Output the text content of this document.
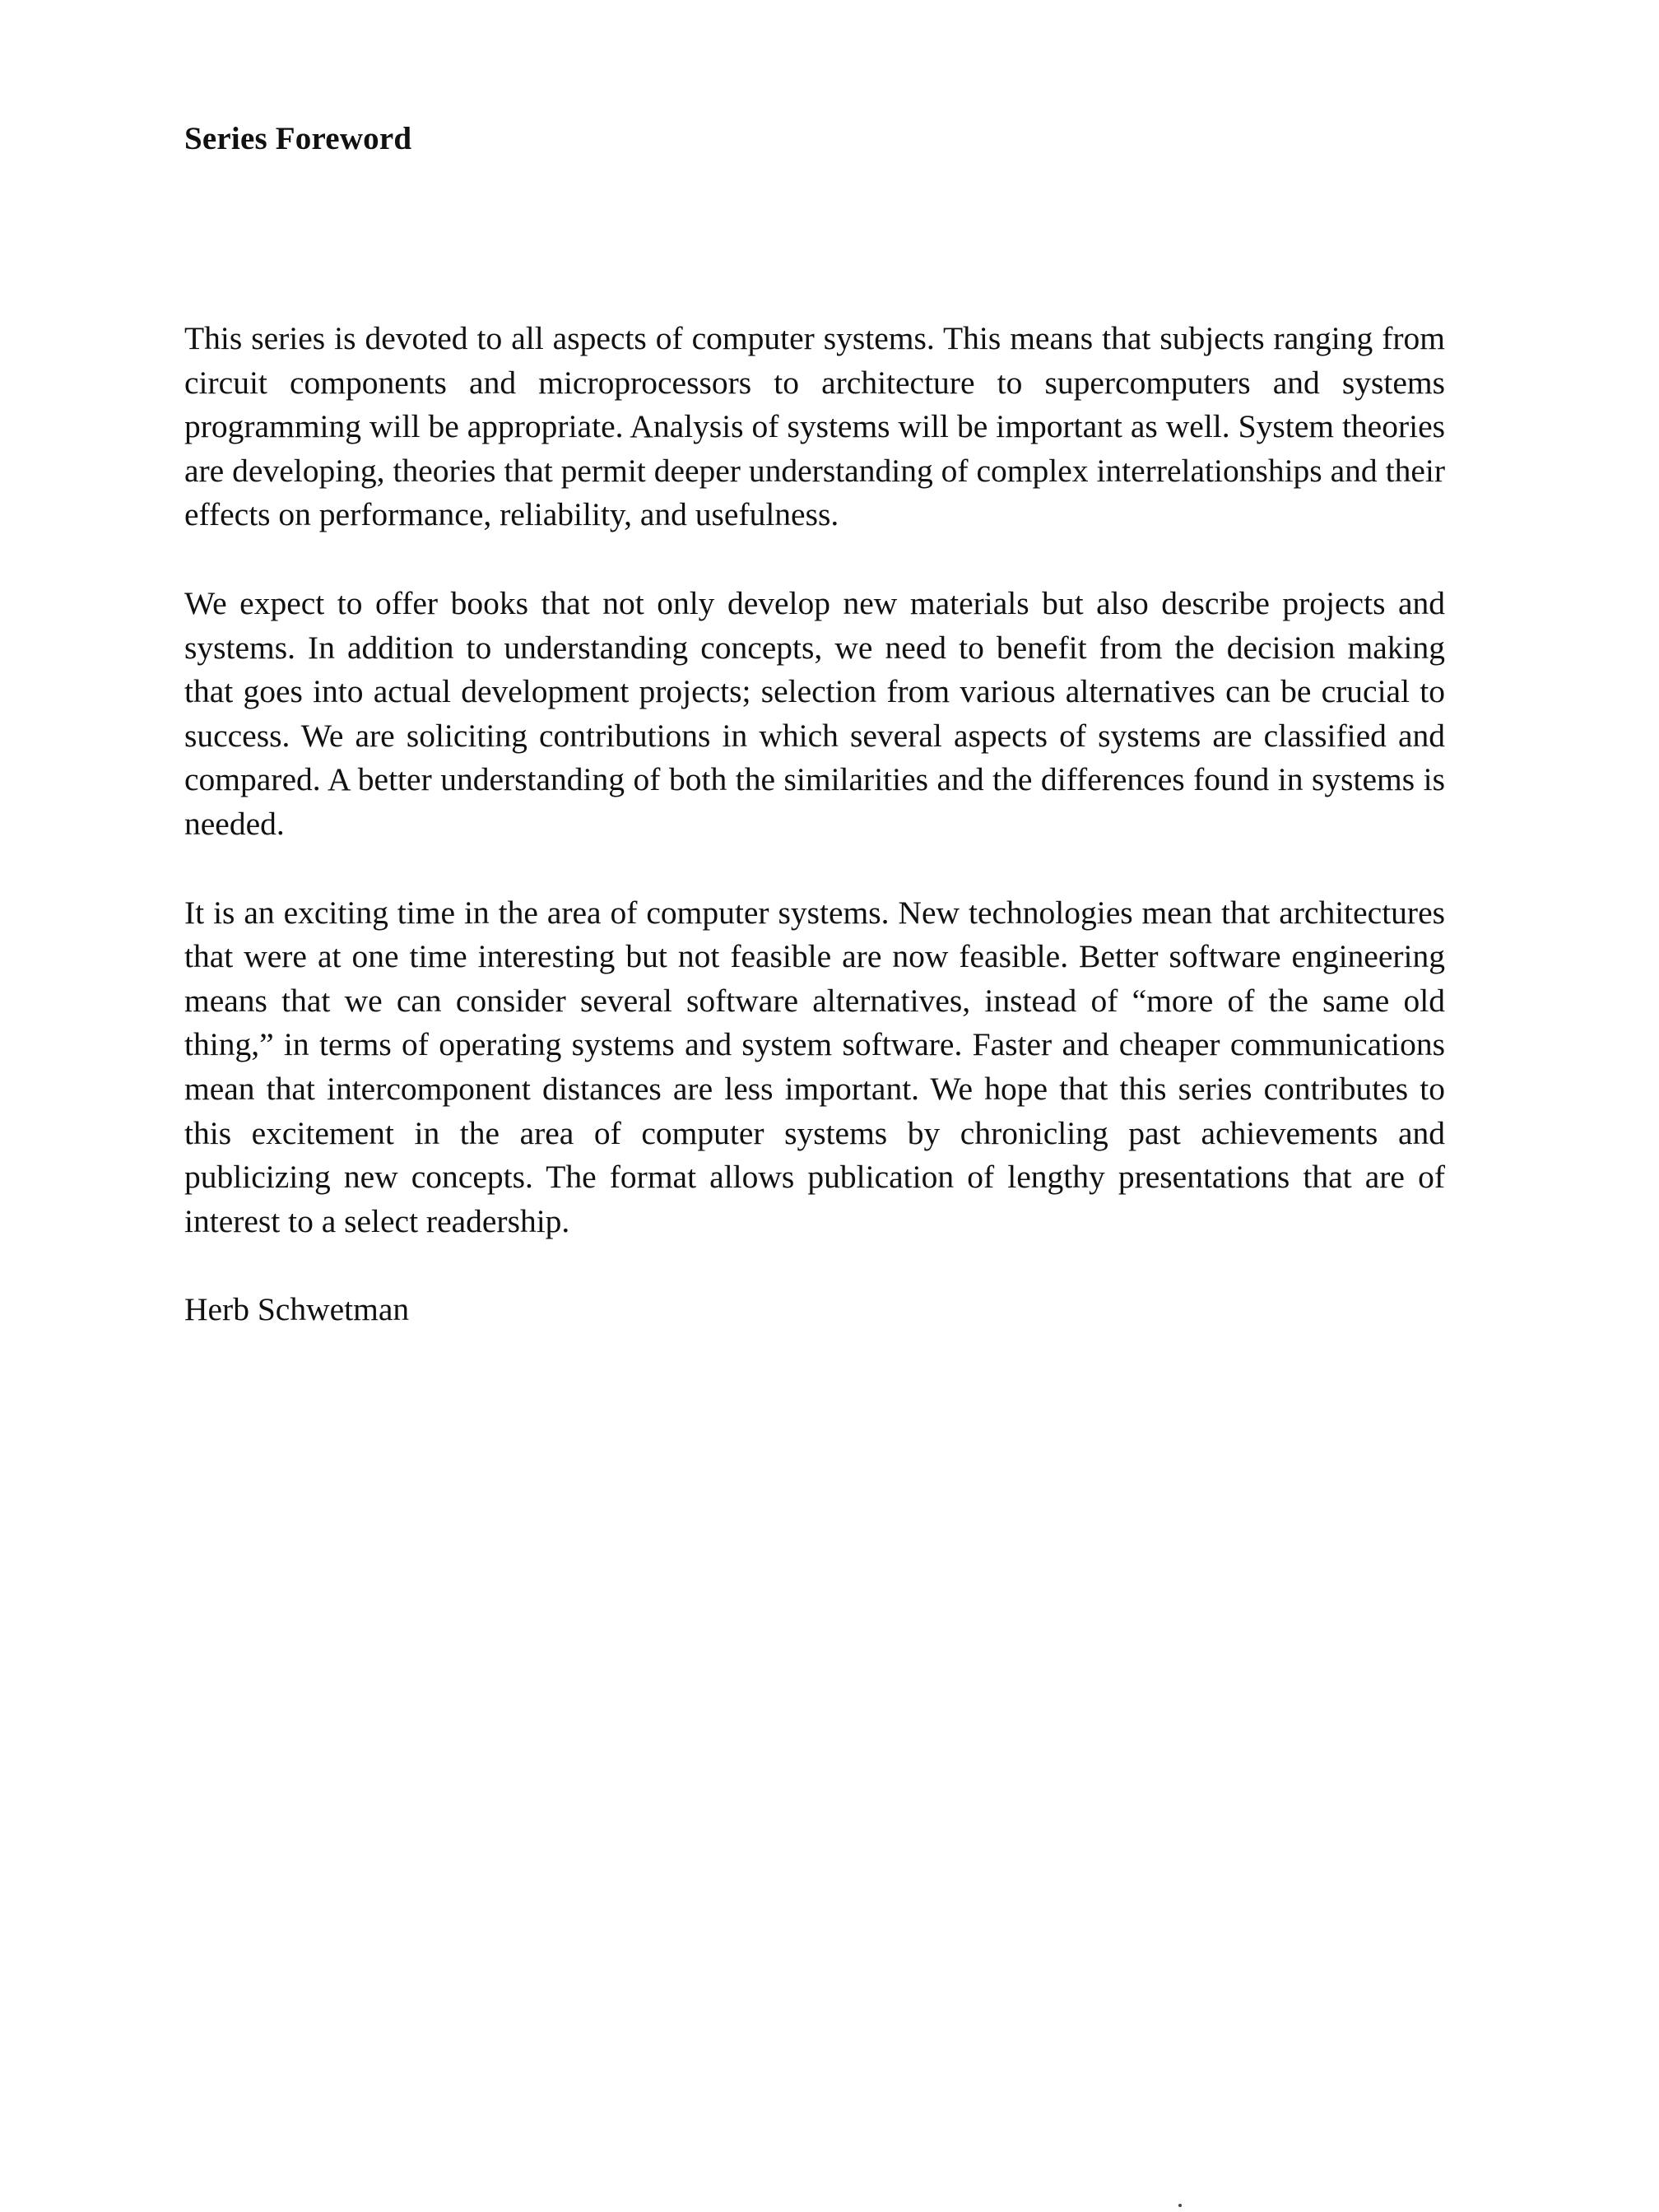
Series Foreword

This series is devoted to all aspects of computer systems. This means that subjects ranging from circuit components and microprocessors to architecture to supercomputers and systems programming will be appropriate. Analysis of systems will be important as well. System theories are developing, theories that permit deeper understanding of complex interrelationships and their effects on performance, reliability, and usefulness.

We expect to offer books that not only develop new materials but also describe projects and systems. In addition to understanding concepts, we need to benefit from the decision making that goes into actual development projects; selection from various alternatives can be crucial to success. We are soliciting contributions in which several aspects of systems are classified and compared. A better understanding of both the similarities and the differences found in systems is needed.

It is an exciting time in the area of computer systems. New technologies mean that architectures that were at one time interesting but not feasible are now feasible. Better software engineering means that we can consider several software alternatives, instead of “more of the same old thing,” in terms of operating systems and system software. Faster and cheaper communications mean that intercomponent distances are less important. We hope that this series contributes to this excitement in the area of computer systems by chronicling past achievements and publicizing new concepts. The format allows publication of lengthy presentations that are of interest to a select readership.

Herb Schwetman
